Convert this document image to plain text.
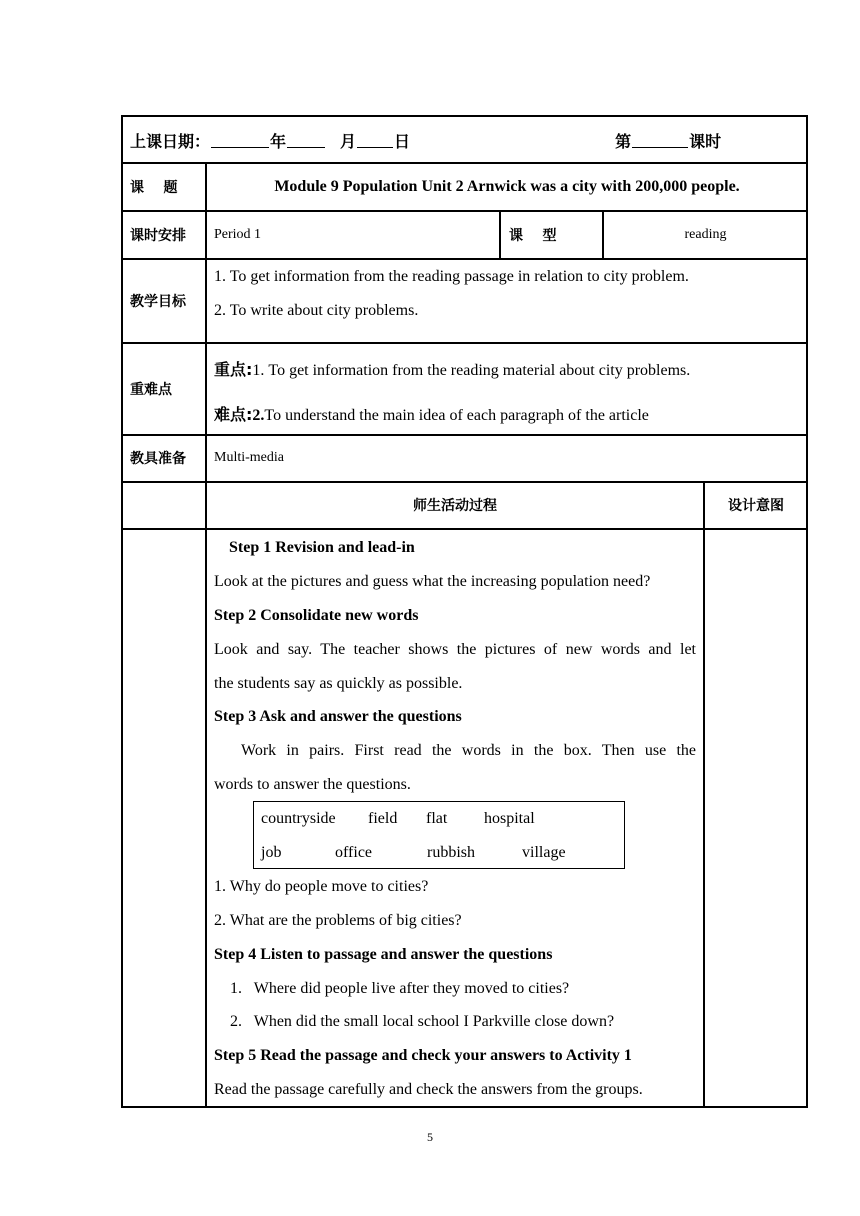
上课日期：	年	月 日	第	课时
课    题	Module 9 Population Unit 2 Arnwick was a city with 200,000 people.
课时安排 Period 1	课    型	reading
教学目标
1. To get information from the reading passage in relation to city problem.
2. To write about city problems.
重难点
重点:1. To get information from the reading material about city problems.
难点:2.To understand the main idea of each paragraph of the article
教具准备 Multi-media
师生活动过程	设计意图
Step 1 Revision and lead-in
Look at the pictures and guess what the increasing population need?
Step 2 Consolidate new words
Look and say. The teacher shows the pictures of new words and let
the students say as quickly as possible.
Step 3 Ask and answer the questions
Work in pairs. First read the words in the box. Then use the
words to answer the questions.
countryside field flat hospital
job	office	rubbish	village
1. Why do people move to cities?
2. What are the problems of big cities?
Step 4 Listen to passage and answer the questions
1.   Where did people live after they moved to cities?
2.   When did the small local school I Parkville close down?
Step 5 Read the passage and check your answers to Activity 1
Read the passage carefully and check the answers from the groups.
5
